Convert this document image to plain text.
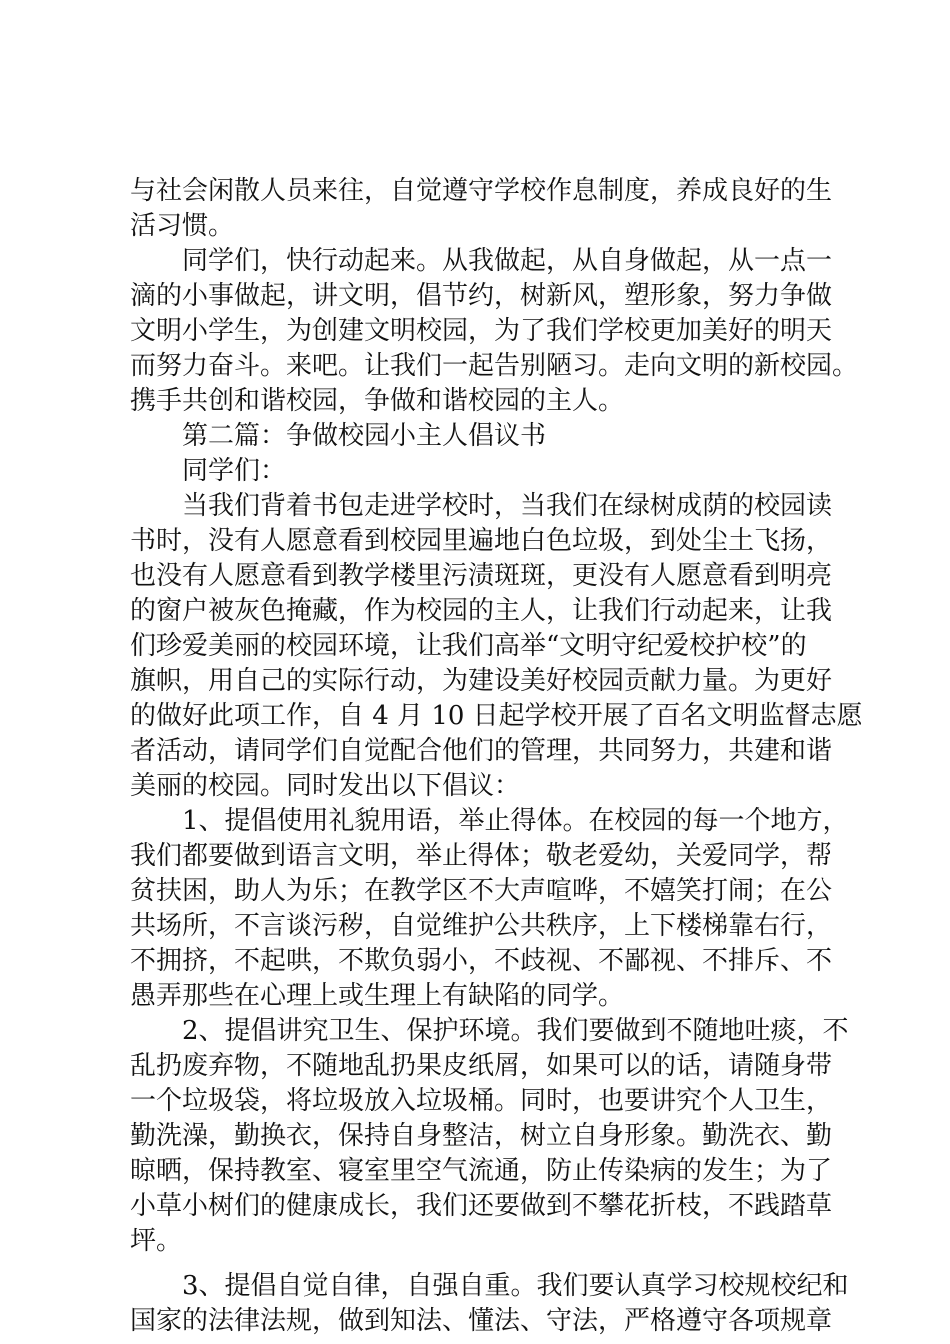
与社会闲散人员来往，自觉遵守学校作息制度，养成良好的生
活习惯。
同学们，快行动起来。从我做起，从自身做起，从一点一
滴的小事做起，讲文明，倡节约，树新风，塑形象，努力争做
文明小学生，为创建文明校园，为了我们学校更加美好的明天
而努力奋斗。来吧。让我们一起告别陋习。走向文明的新校园。
携手共创和谐校园，争做和谐校园的主人。
第二篇：争做校园小主人倡议书
同学们：
当我们背着书包走进学校时，当我们在绿树成荫的校园读
书时，没有人愿意看到校园里遍地白色垃圾，到处尘土飞扬，
也没有人愿意看到教学楼里污渍斑斑，更没有人愿意看到明亮
的窗户被灰色掩藏，作为校园的主人，让我们行动起来，让我
们珍爱美丽的校园环境，让我们高举“文明守纪爱校护校”的
旗帜，用自己的实际行动，为建设美好校园贡献力量。为更好
的做好此项工作，自 4 月 10 日起学校开展了百名文明监督志愿
者活动，请同学们自觉配合他们的管理，共同努力，共建和谐
美丽的校园。同时发出以下倡议：
1、提倡使用礼貌用语，举止得体。在校园的每一个地方，
我们都要做到语言文明，举止得体；敬老爱幼，关爱同学，帮
贫扶困，助人为乐；在教学区不大声喧哗，不嬉笑打闹；在公
共场所，不言谈污秽，自觉维护公共秩序，上下楼梯靠右行，
不拥挤，不起哄，不欺负弱小，不歧视、不鄙视、不排斥、不
愚弄那些在心理上或生理上有缺陷的同学。
2、提倡讲究卫生、保护环境。我们要做到不随地吐痰，不
乱扔废弃物，不随地乱扔果皮纸屑，如果可以的话，请随身带
一个垃圾袋，将垃圾放入垃圾桶。同时，也要讲究个人卫生，
勤洗澡，勤换衣，保持自身整洁，树立自身形象。勤洗衣、勤
晾晒，保持教室、寝室里空气流通，防止传染病的发生；为了
小草小树们的健康成长，我们还要做到不攀花折枝，不践踏草
坪。
3、提倡自觉自律，自强自重。我们要认真学习校规校纪和
国家的法律法规，做到知法、懂法、守法，严格遵守各项规章
